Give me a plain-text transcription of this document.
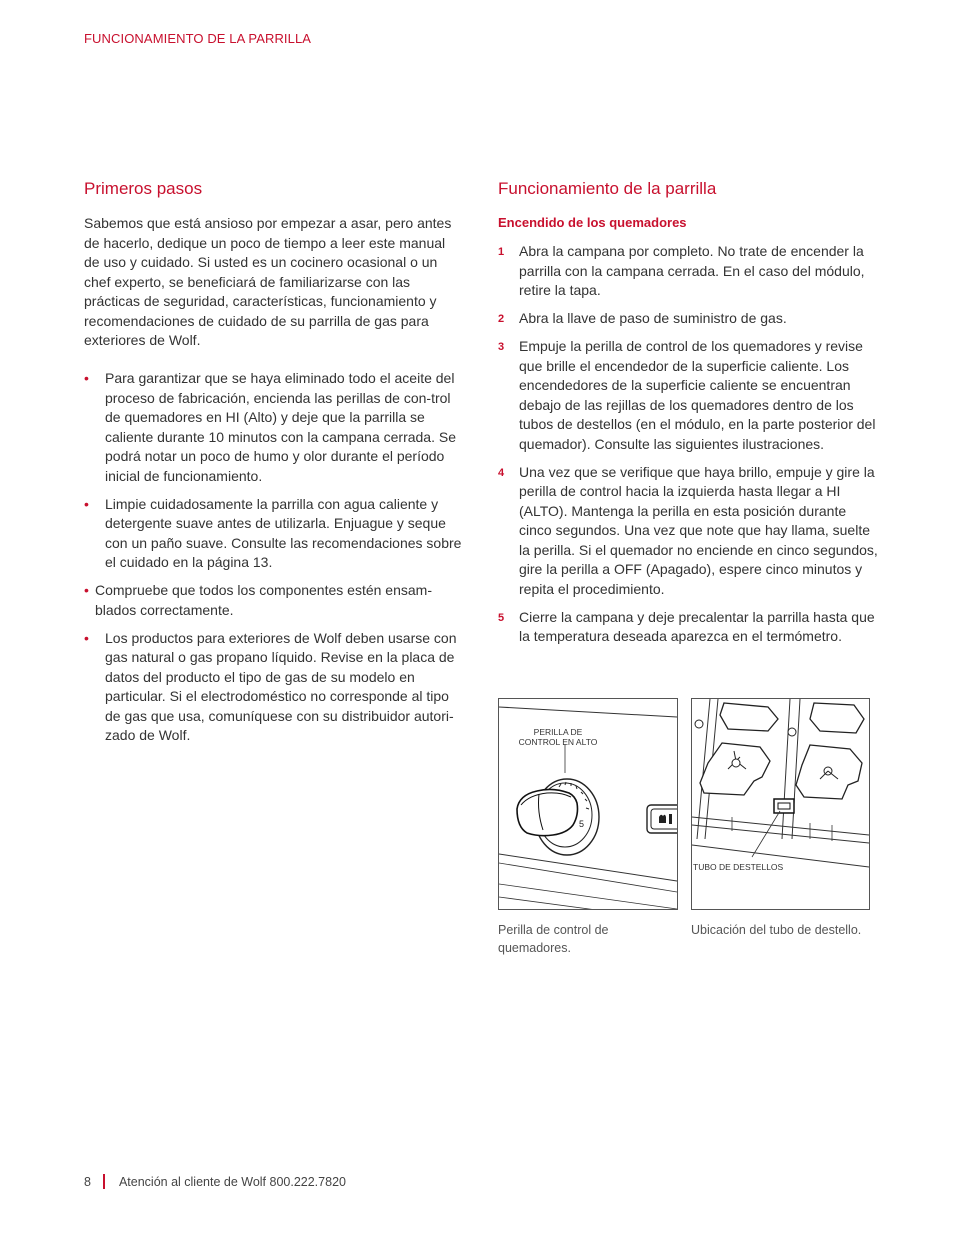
FUNCIONAMIENTO DE LA PARRILLA
Primeros pasos

Sabemos que está ansioso por empezar a asar, pero antes de hacerlo, dedique un poco de tiempo a leer este manual de uso y cuidado. Si usted es un cocinero ocasional o un chef experto, se beneficiará de familiarizarse con las prácticas de seguridad, características, funcionamiento y recomendaciones de cuidado de su parrilla de gas para exteriores de Wolf.

• Para garantizar que se haya eliminado todo el aceite del proceso de fabricación, encienda las perillas de con-trol de quemadores en HI (Alto) y deje que la parrilla se caliente durante 10 minutos con la campana cerrada. Se podrá notar un poco de humo y olor durante el período inicial de funcionamiento.
• Limpie cuidadosamente la parrilla con agua caliente y detergente suave antes de utilizarla. Enjuague y seque con un paño suave. Consulte las recomendaciones sobre el cuidado en la página 13.
• Compruebe que todos los componentes estén ensam-blados correctamente.
• Los productos para exteriores de Wolf deben usarse con gas natural o gas propano líquido. Revise en la placa de datos del producto el tipo de gas de su modelo en particular. Si el electrodoméstico no corresponde al tipo de gas que usa, comuníquese con su distribuidor autori-zado de Wolf.
Funcionamiento de la parrilla
Encendido de los quemadores
1 Abra la campana por completo. No trate de encender la parrilla con la campana cerrada. En el caso del módulo, retire la tapa.
2 Abra la llave de paso de suministro de gas.
3 Empuje la perilla de control de los quemadores y revise que brille el encendedor de la superficie caliente. Los encendedores de la superficie caliente se encuentran debajo de las rejillas de los quemadores dentro de los tubos de destellos (en el módulo, en la parte posterior del quemador). Consulte las siguientes ilustraciones.
4 Una vez que se verifique que haya brillo, empuje y gire la perilla de control hacia la izquierda hasta llegar a HI (ALTO). Mantenga la perilla en esta posición durante cinco segundos. Una vez que note que hay llama, suelte la perilla. Si el quemador no enciende en cinco segundos, gire la perilla a OFF (Apagado), espere cinco minutos y repita el procedimiento.
5 Cierre la campana y deje precalentar la parrilla hasta que la temperatura deseada aparezca en el termómetro.
5
PERILLA DE
CONTROL EN ALTO
TUBO DE DESTELLOS
Perilla de control de quemadores.
Ubicación del tubo de destello.
8 Atención al cliente de Wolf 800.222.7820
